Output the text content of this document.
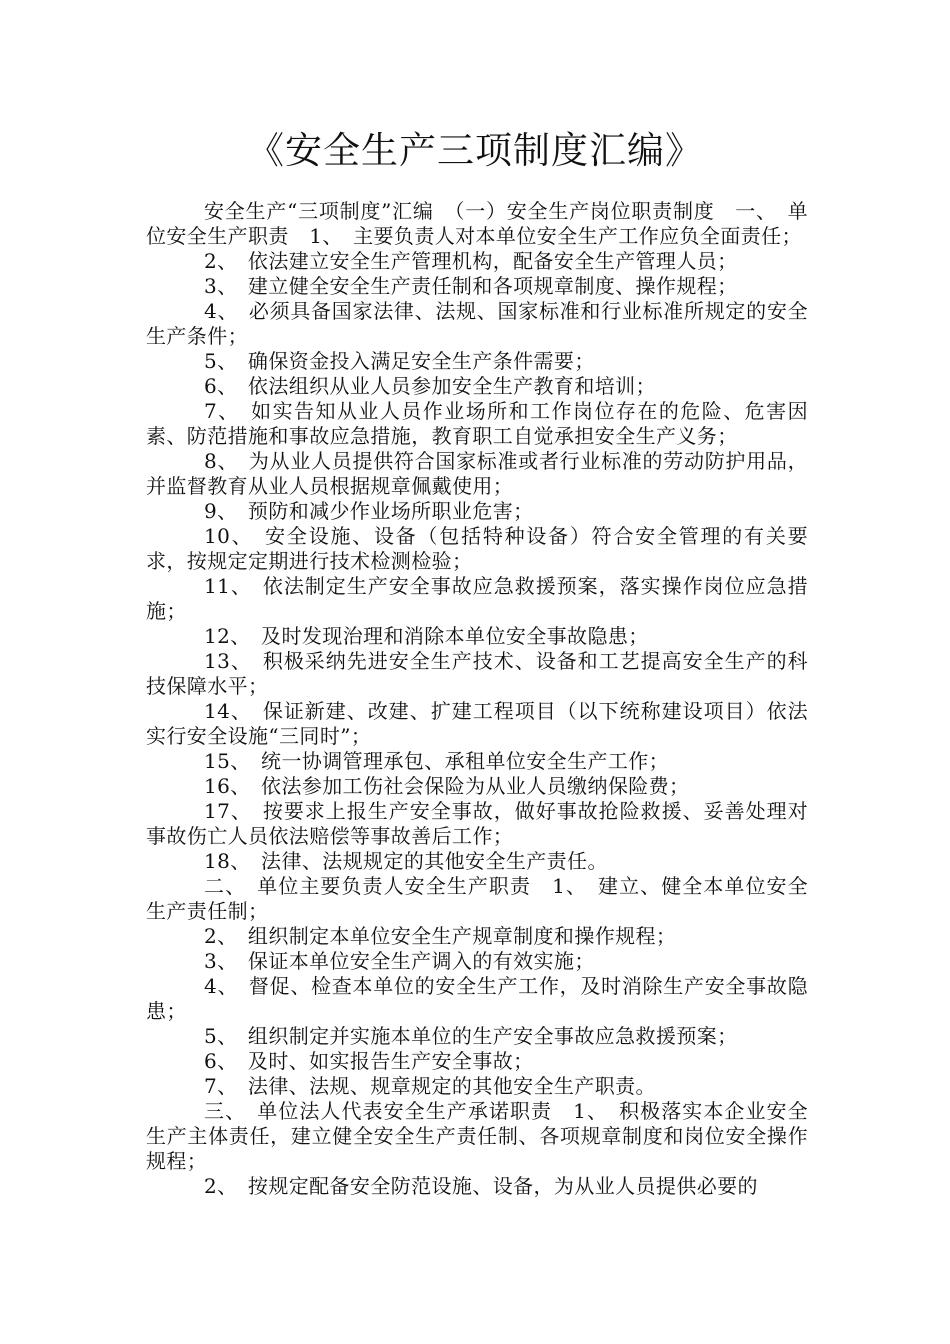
《安全生产三项制度汇编》

安全生产“三项制度”汇编　（一）安全生产岗位职责制度　一、　单位安全生产职责　1、　主要负责人对本单位安全生产工作应负全面责任；

2、　依法建立安全生产管理机构，配备安全生产管理人员；

3、　建立健全安全生产责任制和各项规章制度、操作规程；

4、　必须具备国家法律、法规、国家标准和行业标准所规定的安全生产条件；

5、　确保资金投入满足安全生产条件需要；

6、　依法组织从业人员参加安全生产教育和培训；

7、　如实告知从业人员作业场所和工作岗位存在的危险、危害因素、防范措施和事故应急措施，教育职工自觉承担安全生产义务；

8、　为从业人员提供符合国家标准或者行业标准的劳动防护用品，并监督教育从业人员根据规章佩戴使用；

9、　预防和减少作业场所职业危害；

10、　安全设施、设备（包括特种设备）符合安全管理的有关要求，按规定定期进行技术检测检验；

11、　依法制定生产安全事故应急救援预案，落实操作岗位应急措施；

12、　及时发现治理和消除本单位安全事故隐患；

13、　积极采纳先进安全生产技术、设备和工艺提高安全生产的科技保障水平；

14、　保证新建、改建、扩建工程项目（以下统称建设项目）依法实行安全设施“三同时”；

15、　统一协调管理承包、承租单位安全生产工作；

16、　依法参加工伤社会保险为从业人员缴纳保险费；

17、　按要求上报生产安全事故，做好事故抢险救援、妥善处理对事故伤亡人员依法赔偿等事故善后工作；

18、　法律、法规规定的其他安全生产责任。

二、　单位主要负责人安全生产职责　1、　建立、健全本单位安全生产责任制；

2、　组织制定本单位安全生产规章制度和操作规程；

3、　保证本单位安全生产调入的有效实施；

4、　督促、检查本单位的安全生产工作，及时消除生产安全事故隐患；

5、　组织制定并实施本单位的生产安全事故应急救援预案；

6、　及时、如实报告生产安全事故；

7、　法律、法规、规章规定的其他安全生产职责。

三、　单位法人代表安全生产承诺职责　1、　积极落实本企业安全生产主体责任，建立健全安全生产责任制、各项规章制度和岗位安全操作规程；

2、　按规定配备安全防范设施、设备，为从业人员提供必要的
